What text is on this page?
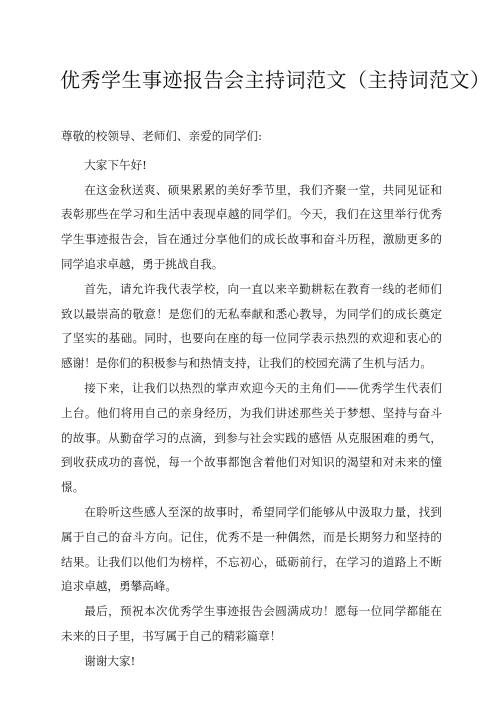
优秀学生事迹报告会主持词范文（主持词范文）

尊敬的校领导、老师们、亲爱的同学们:

大家下午好!

在这金秋送爽、硕果累累的美好季节里，我们齐聚一堂，共同见证和表彰那些在学习和生活中表现卓越的同学们。今天，我们在这里举行优秀学生事迹报告会，旨在通过分享他们的成长故事和奋斗历程，激励更多的同学追求卓越，勇于挑战自我。

首先，请允许我代表学校，向一直以来辛勤耕耘在教育一线的老师们致以最崇高的敬意！是您们的无私奉献和悉心教导，为同学们的成长奠定了坚实的基础。同时，也要向在座的每一位同学表示热烈的欢迎和衷心的感谢！是你们的积极参与和热情支持，让我们的校园充满了生机与活力。

接下来，让我们以热烈的掌声欢迎今天的主角们——优秀学生代表们上台。他们将用自己的亲身经历，为我们讲述那些关于梦想、坚持与奋斗的故事。从勤奋学习的点滴，到参与社会实践的感悟 从克服困难的勇气，到收获成功的喜悦，每一个故事都饱含着他们对知识的渴望和对未来的憧憬。

在聆听这些感人至深的故事时，希望同学们能够从中汲取力量，找到属于自己的奋斗方向。记住，优秀不是一种偶然，而是长期努力和坚持的结果。让我们以他们为榜样，不忘初心，砥砺前行，在学习的道路上不断追求卓越，勇攀高峰。

最后，预祝本次优秀学生事迹报告会圆满成功！愿每一位同学都能在未来的日子里，书写属于自己的精彩篇章！

谢谢大家!
